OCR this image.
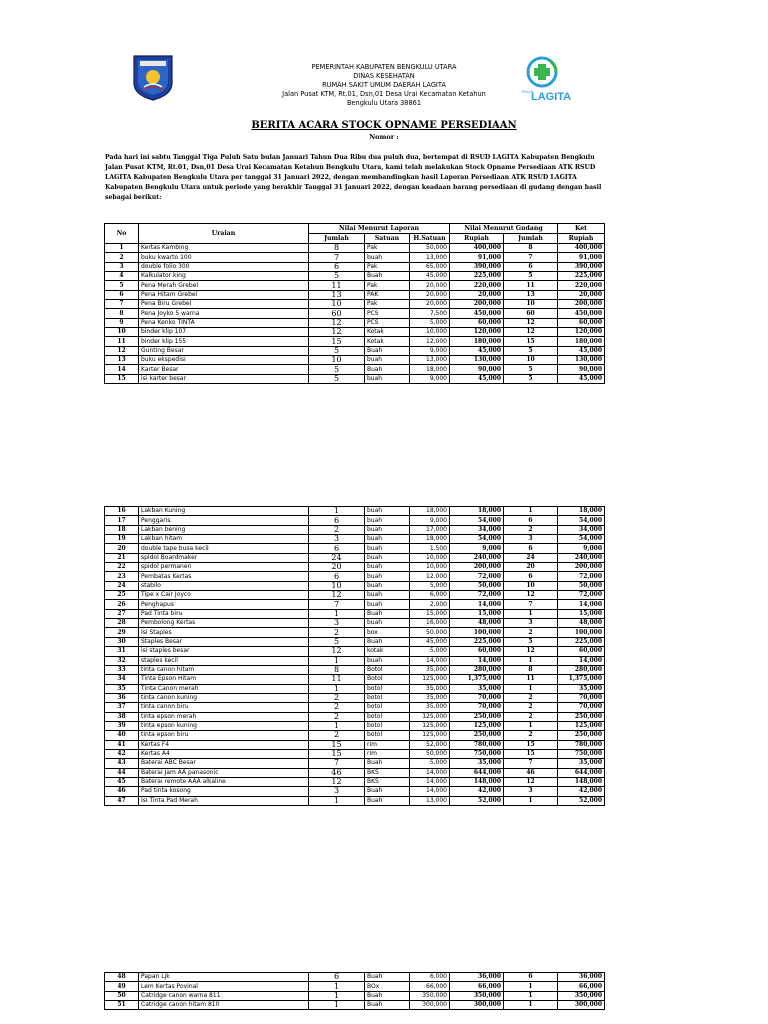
PEMERINTAH KABUPATEN BENGKULU UTARA
DINAS KESEHATAN
RUMAH SAKIT UMUM DAERAH LAGITA
Jalan Pusat KTM, Rt.01, Dsn,01 Desa Urai Kecamatan Ketahun
Bengkulu Utara 38861
RSUD
LAGITA
BERITA ACARA STOCK OPNAME PERSEDIAAN
Nomor :
Pada hari ini sabtu Tanggal Tiga Puluh Satu bulan Januari Tahun Dua Ribu dua puluh dua, bertempat di RSUD LAGITA Kabupaten Bengkulu Jalan Pusat KTM, Rt.01, Dsn,01 Desa Urai Kecamatan Ketahun Bengkulu Utara, kami telah melakukan Stock Opname Persediaan ATK RSUD LAGITA Kabupaten Bengkulu Utara per tanggal 31 Januari 2022, dengan membandingkan hasil Laporan Persediaan ATK RSUD LAGITA Kabupaten Bengkulu Utara untuk periode yang berakhir Tanggal 31 Januari 2022, dengan keadaan barang persediaan di gudang dengan hasil sebagai berikut:
No	Uraian	Nilai Menurut Laporan			Nilai Menurut Gudang		Ket
		Jumlah	Satuan	H.Satuan	Rupiah	Jumlah	Rupiah
1	Kertas Kambing	8	Pak	50,000	400,000	8	400,000
2	buku kwarto 100	7	buah	13,000	91,000	7	91,000
3	double folio 300	6	Pak	65,000	390,000	6	390,000
4	Kalkulator king	5	Buah	45,000	225,000	5	225,000
5	Pena Merah Grebel	11	Pak	20,000	220,000	11	220,000
6	Pena Hitam Grebel	13	PAK	20,000	20,000	13	20,000
7	Pena Biru Grebel	10	Pak	20,000	200,000	10	200,000
8	Pena Joyko 5 warna	60	PCS	7,500	450,000	60	450,000
9	Pena Kenko TINTA	12	PCS	5,000	60,000	12	60,000
10	binder klip 107	12	Kotak	10,000	120,000	12	120,000
11	binder klip 155	15	Kotak	12,000	180,000	15	180,000
12	Gunting Besar	5	Buah	9,000	45,000	5	45,000
13	buku ekspedisi	10	buah	13,000	130,000	10	130,000
14	Karter Besar	5	Buah	18,000	90,000	5	90,000
15	isi karter besar	5	buah	9,000	45,000	5	45,000
16	Lakban Kuning	1	buah	18,000	18,000	1	18,000
17	Penggaris	6	buah	9,000	54,000	6	54,000
18	Lakban bening	2	buah	17,000	34,000	2	34,000
19	Lakban hitam	3	buah	18,000	54,000	3	54,000
20	double tape busa kecil	6	buah	1,500	9,000	6	9,000
21	spidol Boardmaker	24	buah	10,000	240,000	24	240,000
22	spidol permanen	20	buah	10,000	200,000	20	200,000
23	Pembatas Kertas	6	buah	12,000	72,000	6	72,000
24	stabilo	10	buah	5,000	50,000	10	50,000
25	Tipe x Cair Joyco	12	buah	6,000	72,000	12	72,000
26	Penghapus	7	buah	2,000	14,000	7	14,000
27	Pad Tinta biru	1	Buah	15,000	15,000	1	15,000
28	Pembolong Kertas	3	buah	16,000	48,000	3	48,000
29	Isi Staples	2	box	50,000	100,000	2	100,000
30	Staples Besar	5	Buah	45,000	225,000	5	225,000
31	isi staples besar	12	kotak	5,000	60,000	12	60,000
32	staples kecil	1	buah	14,000	14,000	1	14,000
33	tinta canon hitam	8	Botol	35,000	280,000	8	280,000
34	Tinta Epson Hitam	11	Botol	125,000	1,375,000	11	1,375,000
35	Tinta Canon merah	1	botol	35,000	35,000	1	35,000
36	tinta canon kuning	2	botol	35,000	70,000	2	70,000
37	tinta canon biru	2	botol	35,000	70,000	2	70,000
38	tinta epson merah	2	botol	125,000	250,000	2	250,000
39	tinta epson kuning	1	botol	125,000	125,000	1	125,000
40	tinta epson biru	2	botol	125,000	250,000	2	250,000
41	Kertas F4	15	rim	52,000	780,000	15	780,000
42	Kertas A4	15	rim	50,000	750,000	15	750,000
43	Baterai ABC Besar	7	Buah	5,000	35,000	7	35,000
44	Baterai Jam AA panasonic	46	BKS	14,000	644,000	46	644,000
45	Baterai remote AAA alkaline	12	BKS	14,000	148,000	12	148,000
46	Pad tinta kosong	3	Buah	14,000	42,000	3	42,000
47	Isi Tinta Pad Merah	1	Buah	13,000	52,000	1	52,000
48	Papan Ljk	6	Buah	6,000	36,000	6	36,000
49	Lem Kertas Povinal	1	BOx	66,000	66,000	1	66,000
50	Catridge canon warna 811	1	Buah	350,000	350,000	1	350,000
51	Catridge canon hitam 810	1	Buah	300,000	300,000	1	300,000
